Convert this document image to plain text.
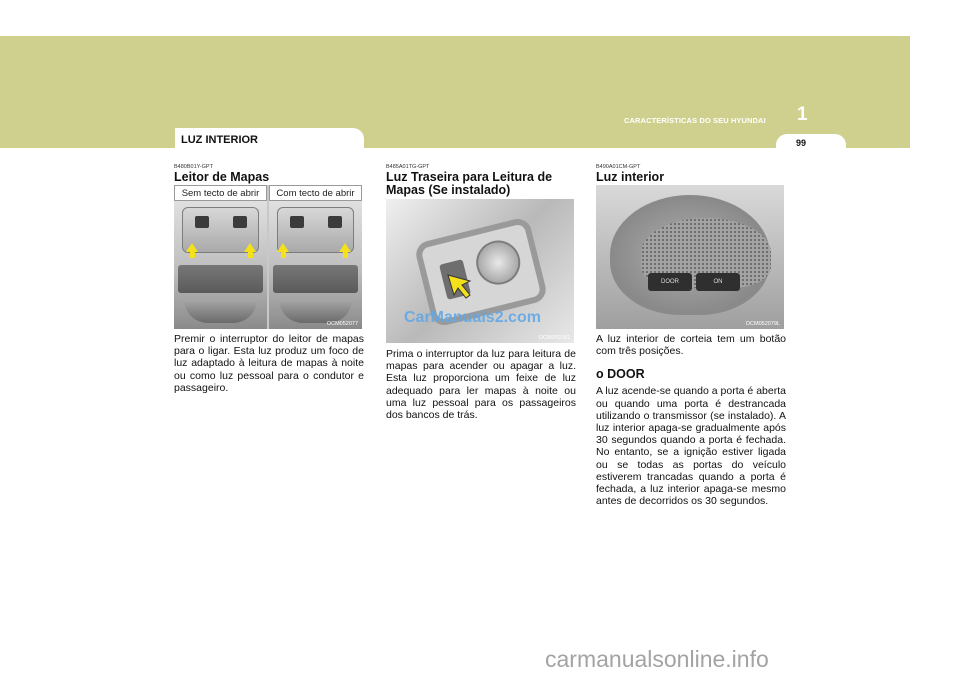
1
CARACTERÍSTICAS DO SEU HYUNDAI
99
LUZ INTERIOR
B480B01Y-GPT
Leitor de Mapas
Sem tecto de abrir	Com tecto de abrir
OCM052077
Premir o interruptor do leitor de mapas para o ligar. Esta luz produz um foco de luz adaptado à leitura de mapas à noite ou como luz pessoal para o condutor e passageiro.
B485A01TG-GPT
Luz Traseira para Leitura de Mapas (Se instalado)
CarManuals2.com
OCM052081
Prima o interruptor da luz para leitura de mapas para acender ou apagar a luz. Esta luz proporciona um feixe de luz adequado para ler mapas à noite ou uma luz pessoal para os passageiros dos bancos de trás.
B490A01CM-GPT
Luz interior
DOOR	ON
OCM052079L
A luz interior de corteia tem um botão com três posições.
o DOOR
A luz acende-se quando a porta é aberta ou quando uma porta é destrancada utilizando o transmissor (se instalado). A luz interior apaga-se gradualmente após 30 segundos quando a porta é fechada. No entanto, se a ignição estiver ligada ou se todas as portas do veículo estiverem trancadas quando a porta é fechada, a luz interior apaga-se mesmo antes de decorridos os 30 segundos.
carmanualsonline.info
